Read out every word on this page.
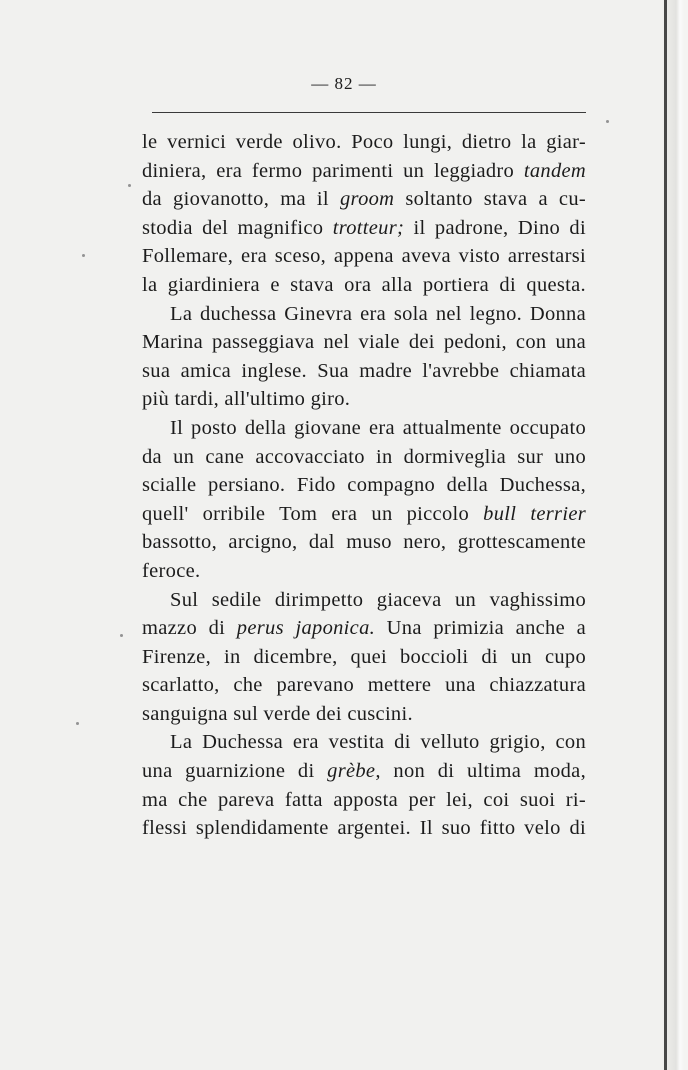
— 82 —
le vernici verde olivo. Poco lungi, dietro la giar-
diniera, era fermo parimenti un leggiadro tandem
da giovanotto, ma il groom soltanto stava a cu-
stodia del magnifico trotteur; il padrone, Dino di
Follemare, era sceso, appena aveva visto arrestarsi
la giardiniera e stava ora alla portiera di questa.
La duchessa Ginevra era sola nel legno. Donna
Marina passeggiava nel viale dei pedoni, con una
sua amica inglese. Sua madre l'avrebbe chiamata
più tardi, all'ultimo giro.
Il posto della giovane era attualmente occupato
da un cane accovacciato in dormiveglia sur uno
scialle persiano. Fido compagno della Duchessa,
quell' orribile Tom era un piccolo bull terrier
bassotto, arcigno, dal muso nero, grottescamente
feroce.
Sul sedile dirimpetto giaceva un vaghissimo
mazzo di perus japonica. Una primizia anche a
Firenze, in dicembre, quei boccioli di un cupo
scarlatto, che parevano mettere una chiazzatura
sanguigna sul verde dei cuscini.
La Duchessa era vestita di velluto grigio, con
una guarnizione di grèbe, non di ultima moda,
ma che pareva fatta apposta per lei, coi suoi ri-
flessi splendidamente argentei. Il suo fitto velo di
